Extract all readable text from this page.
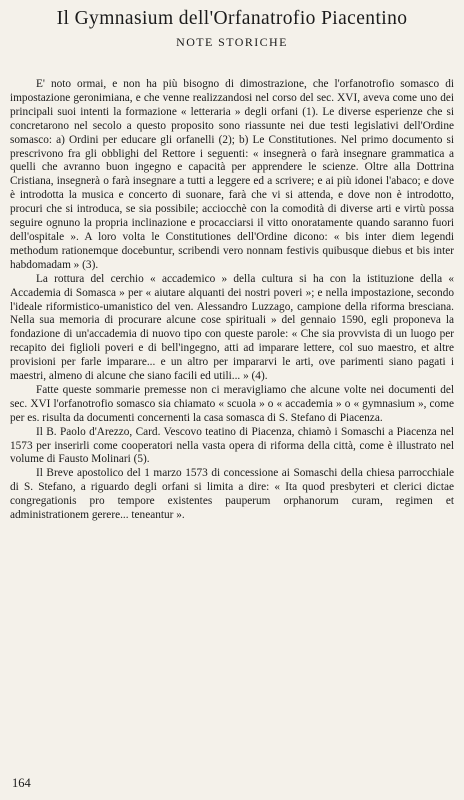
Il Gymnasium dell'Orfanatrofio Piacentino
NOTE STORICHE

E' noto ormai, e non ha più bisogno di dimostrazione, che l'orfanotrofio somasco di impostazione geronimiana, e che venne realizzandosi nel corso del sec. XVI, aveva come uno dei principali suoi intenti la formazione « letteraria » degli orfani (1). Le diverse esperienze che si concretarono nel secolo a questo proposito sono riassunte nei due testi legislativi dell'Ordine somasco: a) Ordini per educare gli orfanelli (2); b) Le Constitutiones. Nel primo documento si prescrivono fra gli obblighi del Rettore i seguenti: « insegnerà o farà insegnare grammatica a quelli che avranno buon ingegno e capacità per apprendere le scienze. Oltre alla Dottrina Cristiana, insegnerà o farà insegnare a tutti a leggere ed a scrivere; e ai più idonei l'abaco; e dove è introdotta la musica e concerto di suonare, farà che vi si attenda, e dove non è introdotto, procuri che si introduca, se sia possibile; acciocchè con la comodità di diverse arti e virtù possa seguire ognuno la propria inclinazione e procacciarsi il vitto onoratamente quando saranno fuori dell'ospitale ». A loro volta le Constitutiones dell'Ordine dicono: « bis inter diem legendi methodum rationemque docebuntur, scribendi vero nonnam festivis quibusque diebus et bis inter habdomadam » (3).

La rottura del cerchio « accademico » della cultura si ha con la istituzione della « Accademia di Somasca » per « aiutare alquanti dei nostri poveri »; e nella impostazione, secondo l'ideale riformistico-umanistico del ven. Alessandro Luzzago, campione della riforma bresciana. Nella sua memoria di procurare alcune cose spirituali » del gennaio 1590, egli proponeva la fondazione di un'accademia di nuovo tipo con queste parole: « Che sia provvista di un luogo per recapito dei figlioli poveri e di bell'ingegno, atti ad imparare lettere, col suo maestro, et altre provisioni per farle imparare... e un altro per impararvi le arti, ove parimenti siano pagati i maestri, almeno di alcune che siano facili ed utili... » (4).

Fatte queste sommarie premesse non ci meravigliamo che alcune volte nei documenti del sec. XVI l'orfanotrofio somasco sia chiamato « scuola » o « accademia » o « gymnasium », come per es. risulta da documenti concernenti la casa somasca di S. Stefano di Piacenza.

Il B. Paolo d'Arezzo, Card. Vescovo teatino di Piacenza, chiamò i Somaschi a Piacenza nel 1573 per inserirli come cooperatori nella vasta opera di riforma della città, come è illustrato nel volume di Fausto Molinari (5).

Il Breve apostolico del 1 marzo 1573 di concessione ai Somaschi della chiesa parrocchiale di S. Stefano, a riguardo degli orfani si limita a dire: « Ita quod presbyteri et clerici dictae congregationis pro tempore existentes pauperum orphanorum curam, regimen et administrationem gerere... teneantur ».

164
